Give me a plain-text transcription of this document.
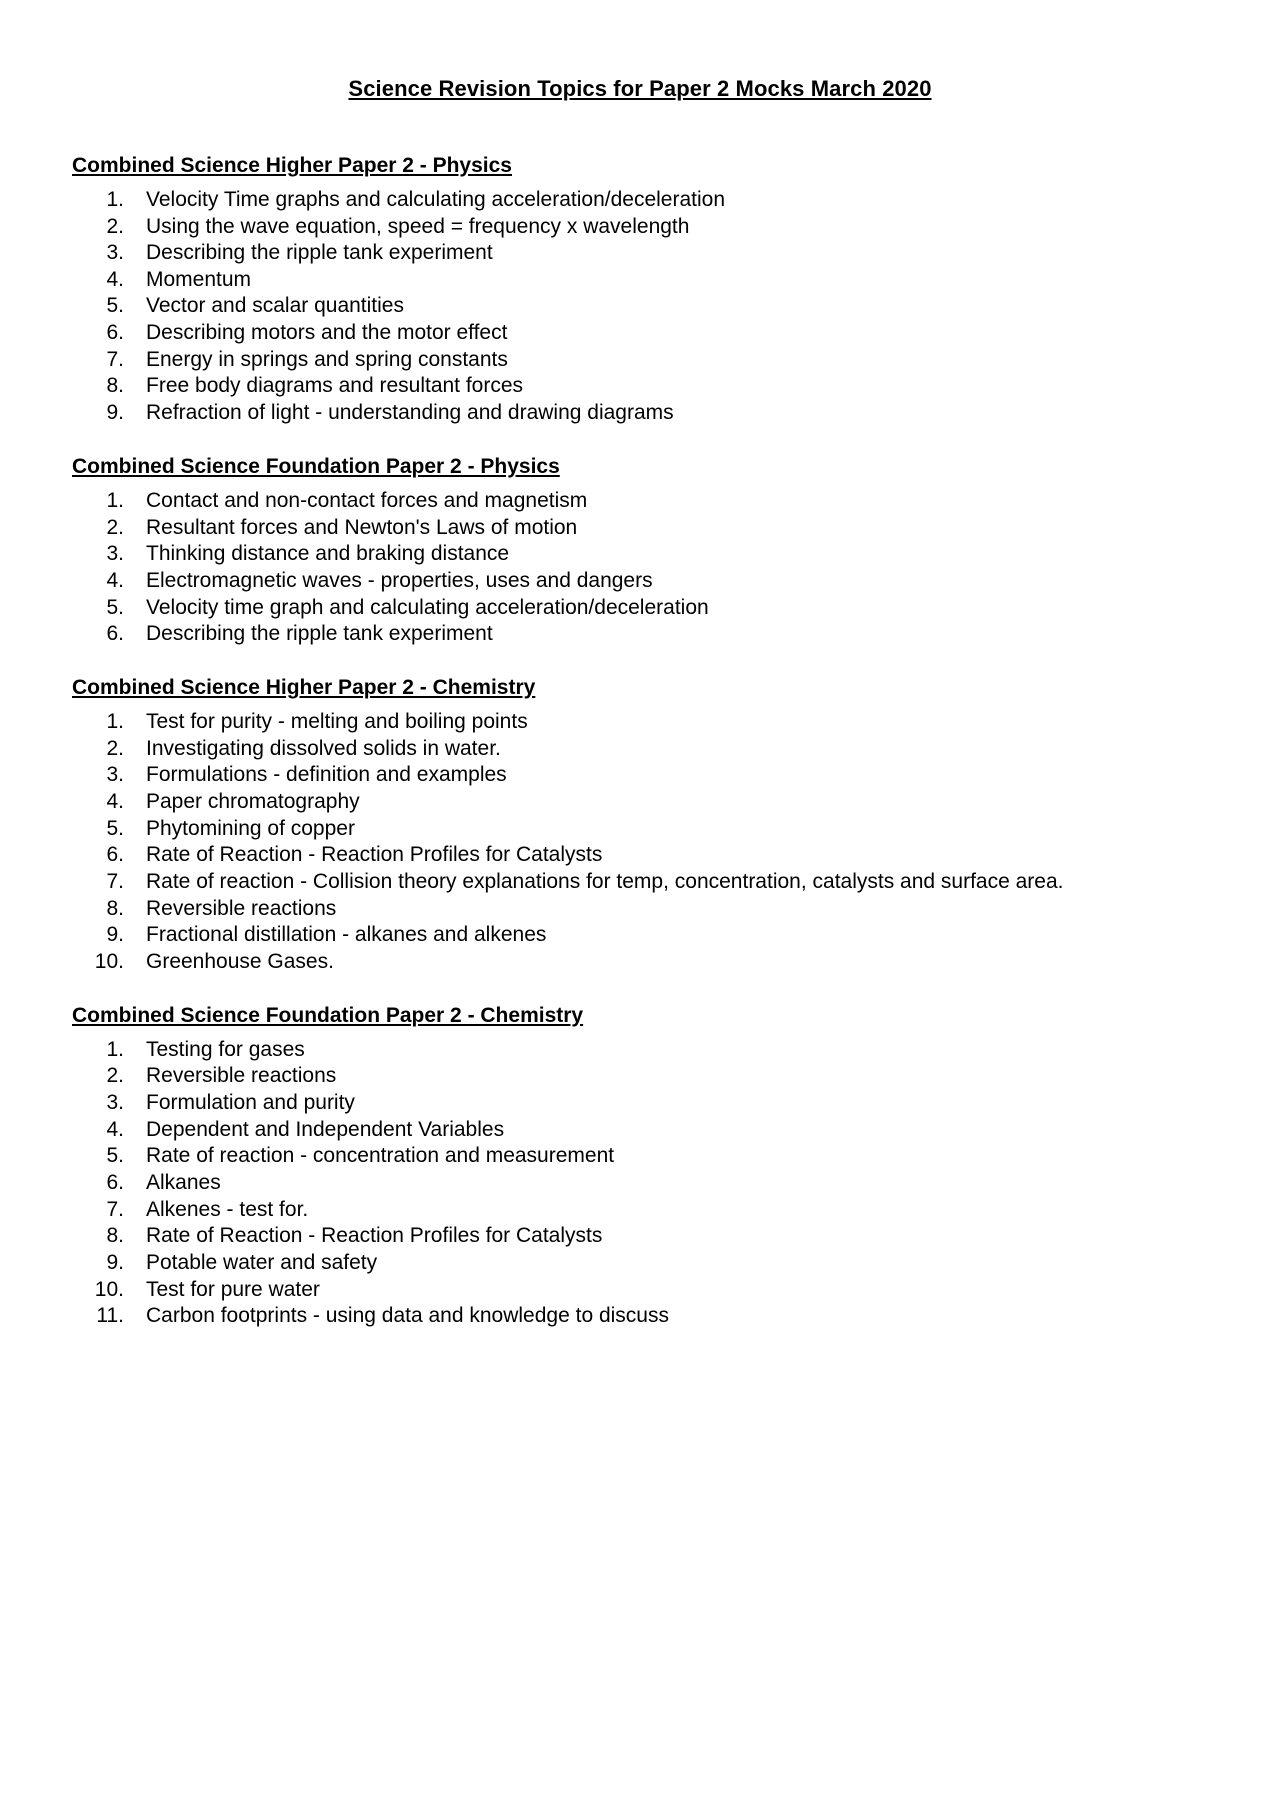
Science Revision Topics for Paper 2 Mocks March 2020
Combined Science Higher Paper 2 - Physics
1. Velocity Time graphs and calculating acceleration/deceleration
2. Using the wave equation, speed = frequency x wavelength
3. Describing the ripple tank experiment
4. Momentum
5. Vector and scalar quantities
6. Describing motors and the motor effect
7. Energy in springs and spring constants
8. Free body diagrams and resultant forces
9. Refraction of light - understanding and drawing diagrams
Combined Science Foundation Paper 2 - Physics
1. Contact and non-contact forces and magnetism
2. Resultant forces and Newton's Laws of motion
3. Thinking distance and braking distance
4. Electromagnetic waves - properties, uses and dangers
5. Velocity time graph and calculating acceleration/deceleration
6. Describing the ripple tank experiment
Combined Science Higher Paper 2 - Chemistry
1. Test for purity - melting and boiling points
2. Investigating dissolved solids in water.
3. Formulations - definition and examples
4. Paper chromatography
5. Phytomining of copper
6. Rate of Reaction - Reaction Profiles for Catalysts
7. Rate of reaction - Collision theory explanations for temp, concentration, catalysts and surface area.
8. Reversible reactions
9. Fractional distillation - alkanes and alkenes
10. Greenhouse Gases.
Combined Science Foundation Paper 2 - Chemistry
1. Testing for gases
2. Reversible reactions
3. Formulation and purity
4. Dependent and Independent Variables
5. Rate of reaction - concentration and measurement
6. Alkanes
7. Alkenes - test for.
8. Rate of Reaction - Reaction Profiles for Catalysts
9. Potable water and safety
10. Test for pure water
11. Carbon footprints - using data and knowledge to discuss
